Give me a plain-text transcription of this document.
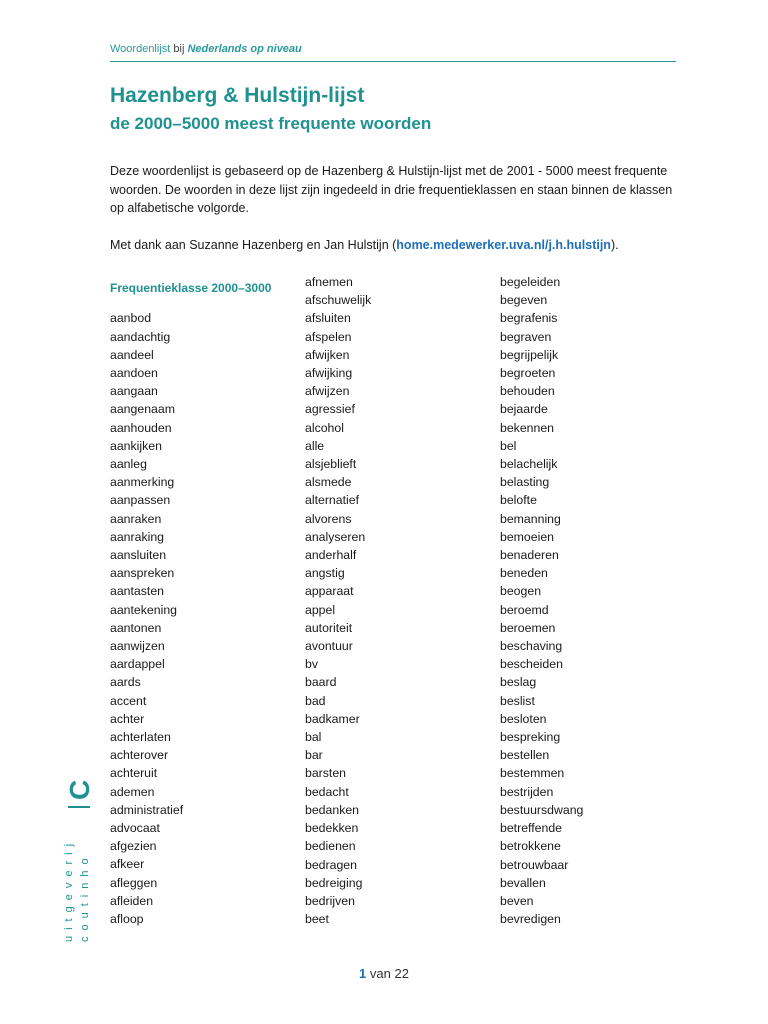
Woordenlijst bij Nederlands op niveau
Hazenberg & Hulstijn-lijst
de 2000–5000 meest frequente woorden

Deze woordenlijst is gebaseerd op de Hazenberg & Hulstijn-lijst met de 2001 - 5000 meest frequente woorden. De woorden in deze lijst zijn ingedeeld in drie frequentieklassen en staan binnen de klassen op alfabetische volgorde.

Met dank aan Suzanne Hazenberg en Jan Hulstijn (home.medewerker.uva.nl/j.h.hulstijn).

Frequentieklasse 2000–3000
aanbod
aandachtig
aandeel
aandoen
aangaan
aangenaam
aanhouden
aankijken
aanleg
aanmerking
aanpassen
aanraken
aanraking
aansluiten
aanspreken
aantasten
aantekening
aantonen
aanwijzen
aardappel
aards
accent
achter
achterlaten
achterover
achteruit
ademen
administratief
advocaat
afgezien
afkeer
afleggen
afleiden
afloop
afnemen
afschuwelijk
afsluiten
afspelen
afwijken
afwijking
afwijzen
agressief
alcohol
alle
alsjeblieft
alsmede
alternatief
alvorens
analyseren
anderhalf
angstig
apparaat
appel
autoriteit
avontuur
bv
baard
bad
badkamer
bal
bar
barsten
bedacht
bedanken
bedekken
bedienen
bedragen
bedreiging
bedrijven
beet
begeleiden
begeven
begrafenis
begraven
begrijpelijk
begroeten
behouden
bejaarde
bekennen
bel
belachelijk
belasting
belofte
bemanning
bemoeien
benaderen
beneden
beogen
beroemd
beroemen
beschaving
bescheiden
beslag
beslist
besloten
bespreking
bestellen
bestemmen
bestrijden
bestuursdwang
betreffende
betrokkene
betrouwbaar
bevallen
beven
bevredigen
C
uitgeverij coutinho
1 van 22
